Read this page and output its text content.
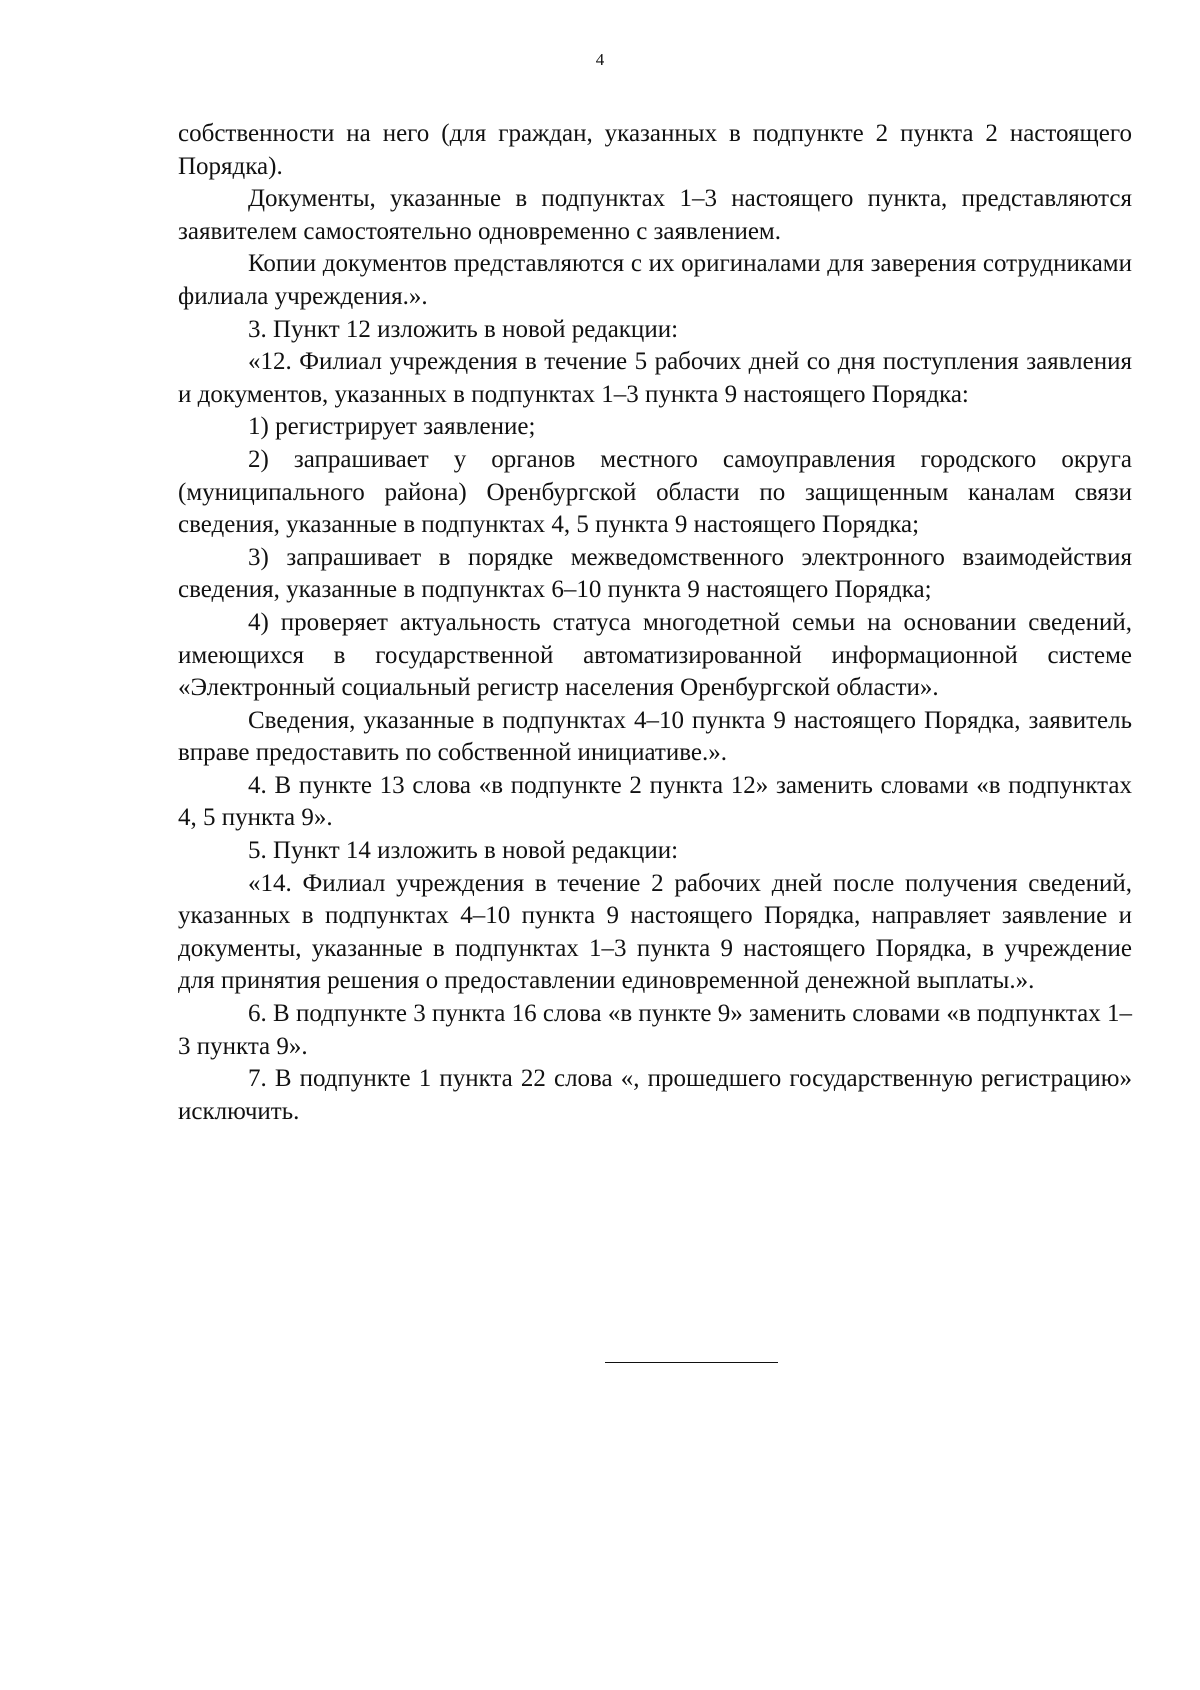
4

собственности на него (для граждан, указанных в подпункте 2 пункта 2 настоящего Порядка).

Документы, указанные в подпунктах 1–3 настоящего пункта, представляются заявителем самостоятельно одновременно с заявлением.

Копии документов представляются с их оригиналами для заверения сотрудниками филиала учреждения.».

3. Пункт 12 изложить в новой редакции:

«12. Филиал учреждения в течение 5 рабочих дней со дня поступления заявления и документов, указанных в подпунктах 1–3 пункта 9 настоящего Порядка:

1) регистрирует заявление;

2) запрашивает у органов местного самоуправления городского округа (муниципального района) Оренбургской области по защищенным каналам связи сведения, указанные в подпунктах 4, 5 пункта 9 настоящего Порядка;

3) запрашивает в порядке межведомственного электронного взаимодействия сведения, указанные в подпунктах 6–10 пункта 9 настоящего Порядка;

4) проверяет актуальность статуса многодетной семьи на основании сведений, имеющихся в государственной автоматизированной информационной системе «Электронный социальный регистр населения Оренбургской области».

Сведения, указанные в подпунктах 4–10 пункта 9 настоящего Порядка, заявитель вправе предоставить по собственной инициативе.».

4. В пункте 13 слова «в подпункте 2 пункта 12» заменить словами «в подпунктах 4, 5 пункта 9».

5. Пункт 14 изложить в новой редакции:

«14. Филиал учреждения в течение 2 рабочих дней после получения сведений, указанных в подпунктах 4–10 пункта 9 настоящего Порядка, направляет заявление и документы, указанные в подпунктах 1–3 пункта 9 настоящего Порядка, в учреждение для принятия решения о предоставлении единовременной денежной выплаты.».

6. В подпункте 3 пункта 16 слова «в пункте 9» заменить словами «в подпунктах 1–3 пункта 9».

7. В подпункте 1 пункта 22 слова «, прошедшего государственную регистрацию» исключить.
